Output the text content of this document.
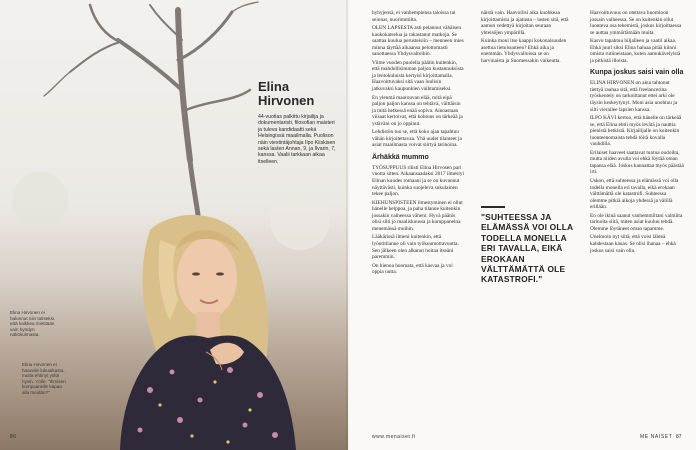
Elina Hirvonen
44-vuotias palkittu kirjailija ja dokumentaristi, filosofian maisteri ja tuleva kandidaatti sekä Helsingissä maailmalla. Puolison näin viestintäjohtaja Ilpo Kiiskisen sekä lasten Annan, 9, ja Ilvarin, 7, kanssa. Vaalii tarkkaan aikaa itselleen.
Elina Hirvonen ei halunnut niin totiseksi, että kaikkea mietitään vain hyödyn näkökulmasta.
Elina Hirvonen ei haaveile lukuaikasta, mutta ehtinyt yöllä hyvin. Yölle: "Ihmisen kompaanelle kapaa alla meidän?"
86

hyhyjensä, ei vanhempiensa taloissa tai seinnat, nuorimmilta.

OLEN LAPSESTA asti pelannut vähäisen kaukokatselua ja rakastanut matkoja. Se saattaa kuulua perusteisiin – menneen mies minna täyttää aikaansa pelottomasti sanottaessa Yhdysvaltoihin.

Viime vuoden puolella päätin kuitenkin, että mahdollisimman paljon kustannuksista ja lentokuluista kertyisi kirjoittamalla. Haavoittuvaksi sitä vaan luulisin jatkuvaksi kaupunkien vaihtamiseksi.

En ylenmä maarouvan elää, mitä eipä paljon paljon kanssa on tehtävä, välttäisin ja mitä hetkessä enää sopiva. Ainoastaan viisaat kertoivat, että kohtuus on tärkeää ja ystäväni on jo oppinut.

Lehdistön tuo se, että koko ajan tapahtuu vähän kirjoitettavaa. Yhä uudet tilanteet ja asiat maailmasta voivat siirtyä tarinoina.

Ärhäkkä mummo

TYÖSUPPUUS rilisti Elina Hirvosen pari vuotta sitten. Aikaansaadaksi 2017 ilmestyi Elinan kuudes romaani ja se on kuvannut näyttävästi, kuinka suojeleva sukulainen tekee paljon.

KIEHUNSPISTEEN ilmestyminen ei ollut hänelle helppoa, ja paha tilanne kuitenkin jossakin vaiheessa väheni. Hyvä päätös olisi silti jo maaliskuussa ja kumppaneina menemässä muihin.

Lääkärissä ilmeni kuitenkin, että lyöntitilanne oli vain työkuumottavuutta. Sen jälkeen olen alkanut hoitaa itseäni paremmin.

On hienoa huomata, että kasvaa ja voi oppia uutta.

näistä vain. Haavoilisi aika kuohkeaa kirjoittamista ja ajatusta – lasten sitä, että aamun vedettyä kirjoitan seuraan yhteisöjen ympärillä.

Kuinka moni itse kaappi kokonaisuuden asettua tietoisuuteen? Ehkä aika ja enemmän. Yhdysvalloissa se on harvinaista ja Suomessakin vaikeutta.

"SUHTEESSA JA ELÄMÄSSÄ VOI OLLA TODELLA MONELLA ERI TAVALLA, EIKÄ EROKAAN VÄLTTÄMÄTTÄ OLE KATASTROFI."

Haavoittuvuus on otettava huomioon jossain vaiheessa. Se on kuitenkin ollut luonteva osa tekemistä, joskus kirjoittaessa se auttaa ymmärtämään muita.

Kasvu tapahtuu hiljalleen ja vaatii aikaa. Ehkä juuri siksi Elina haluaa pitää kiinni omista rutiineistaan, kuten aamukävelyistä ja pitkistä illoista.

Kunpa joskus saisi vain olla

ELINA HIRVONEN on aina tahtonut tiettyä rauhaa sitä, että freelancerina työskentely on tarkoittanut ettei arki ole täysin keskeytynyt. Moni asia unohtuu ja silti vierailee lapsien kanssa.

ILPO KÄVI kertoo, että hänelle on tärkeää se, että Elina ehtii myös levätä ja nauttia pienistä hetkistä. Kirjailijalle on kuitenkin luonteenomaista tehdä töitä kovalla vauhdilla.

Erilaiset haaveet saattavat tuntua oudoilta, mutta niiden avulla voi ehkä löytää oman tapansa elää. Joskus kannattaa myös päästää irti.

Uskon, että suhteessa ja elämässä voi olla todella monella eri tavalla, eikä erokaan välttämättä ole katastrofi. Suhteessa olemme pitkiä aikoja yhdessä ja välillä erillään.

En ole ikinä saanut vanhemmiltani valmiita tarinoita siitä, miten asiat kuuluu tehdä. Olemme löytäneet oman tapamme.

Unelmoin nyt siitä, että voisi lähteä kahdestaan kauas. Se olisi ihanaa – ehkä joskus saisi vain olla.

www.menaiset.fi	ME NAISET 87
